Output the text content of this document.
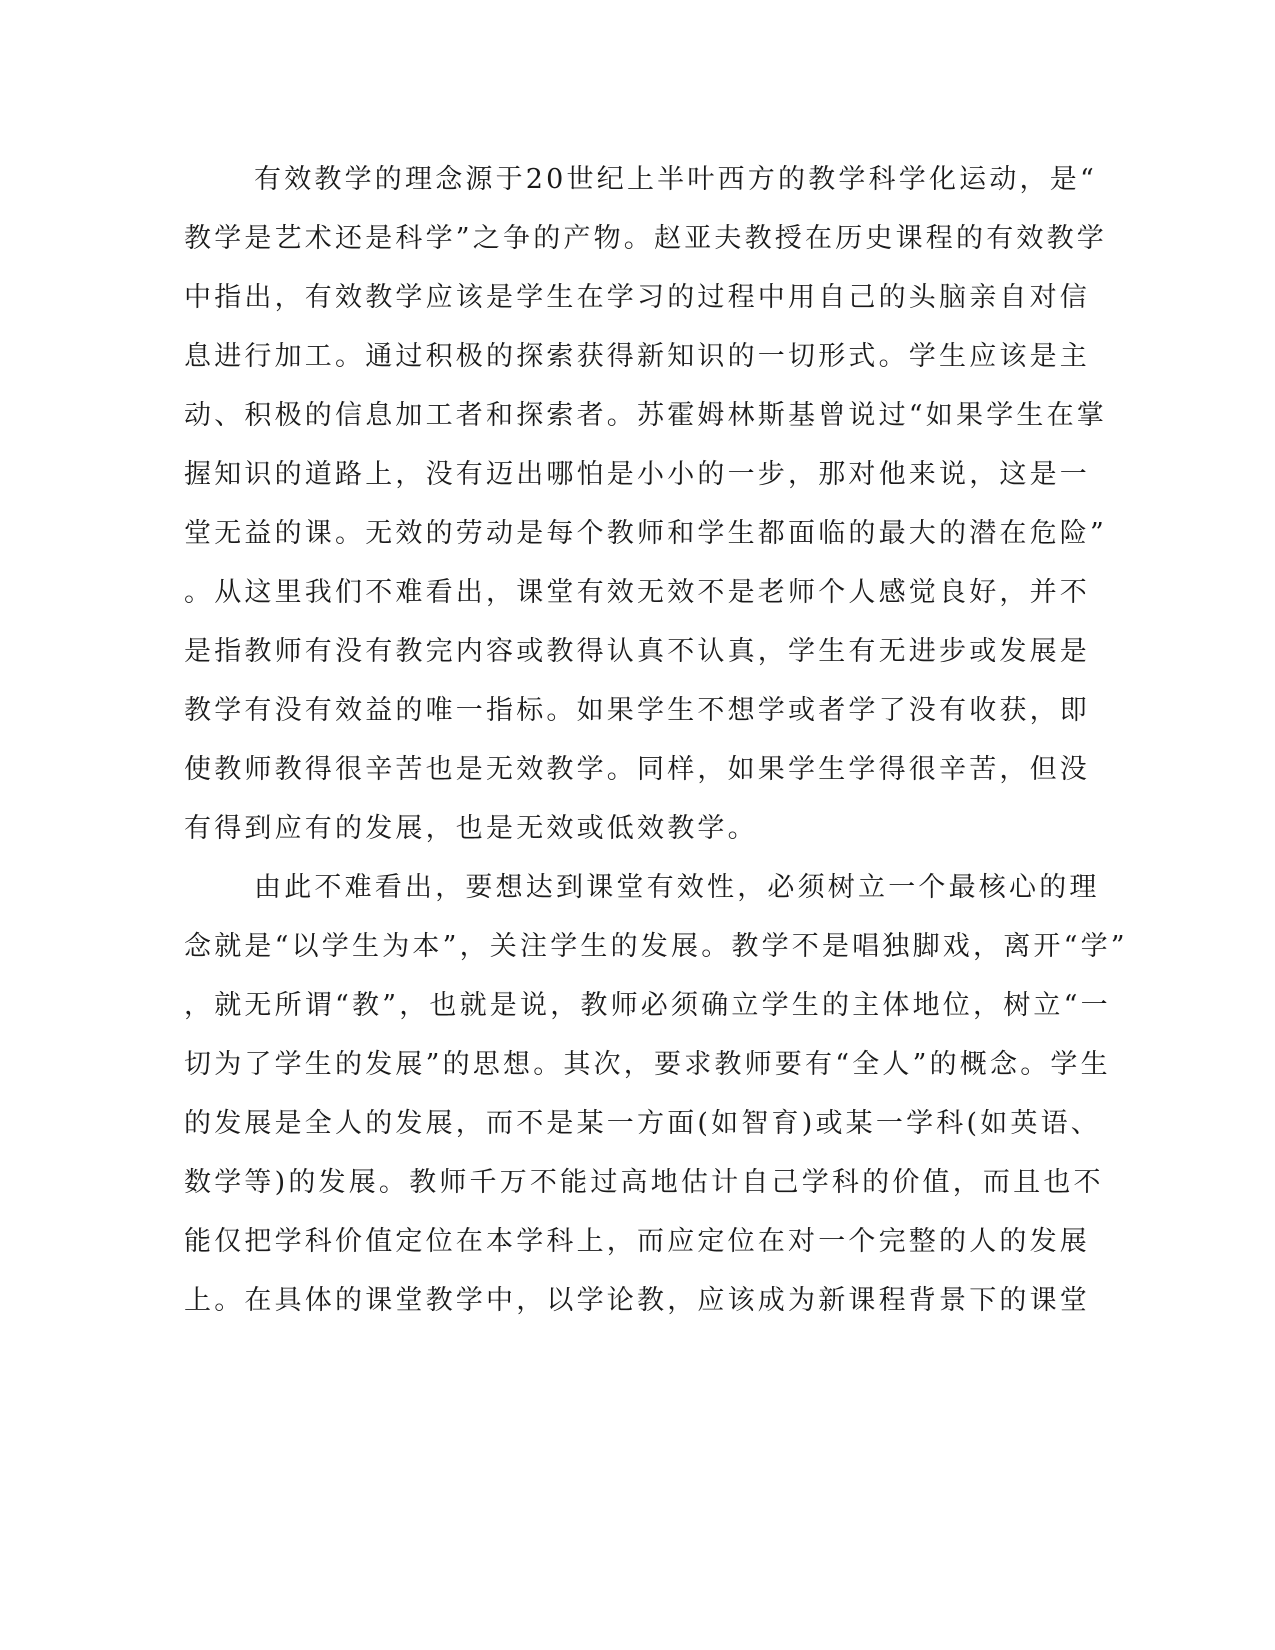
有效教学的理念源于20世纪上半叶西方的教学科学化运动，是“
教学是艺术还是科学”之争的产物。赵亚夫教授在历史课程的有效教学
中指出，有效教学应该是学生在学习的过程中用自己的头脑亲自对信
息进行加工。通过积极的探索获得新知识的一切形式。学生应该是主
动、积极的信息加工者和探索者。苏霍姆林斯基曾说过“如果学生在掌
握知识的道路上，没有迈出哪怕是小小的一步，那对他来说，这是一
堂无益的课。无效的劳动是每个教师和学生都面临的最大的潜在危险”
。从这里我们不难看出，课堂有效无效不是老师个人感觉良好，并不
是指教师有没有教完内容或教得认真不认真，学生有无进步或发展是
教学有没有效益的唯一指标。如果学生不想学或者学了没有收获，即
使教师教得很辛苦也是无效教学。同样，如果学生学得很辛苦，但没
有得到应有的发展，也是无效或低效教学。
由此不难看出，要想达到课堂有效性，必须树立一个最核心的理
念就是“以学生为本”，关注学生的发展。教学不是唱独脚戏，离开“学”
，就无所谓“教”，也就是说，教师必须确立学生的主体地位，树立“一
切为了学生的发展”的思想。其次，要求教师要有“全人”的概念。学生
的发展是全人的发展，而不是某一方面(如智育)或某一学科(如英语、
数学等)的发展。教师千万不能过高地估计自己学科的价值，而且也不
能仅把学科价值定位在本学科上，而应定位在对一个完整的人的发展
上。在具体的课堂教学中，以学论教，应该成为新课程背景下的课堂
